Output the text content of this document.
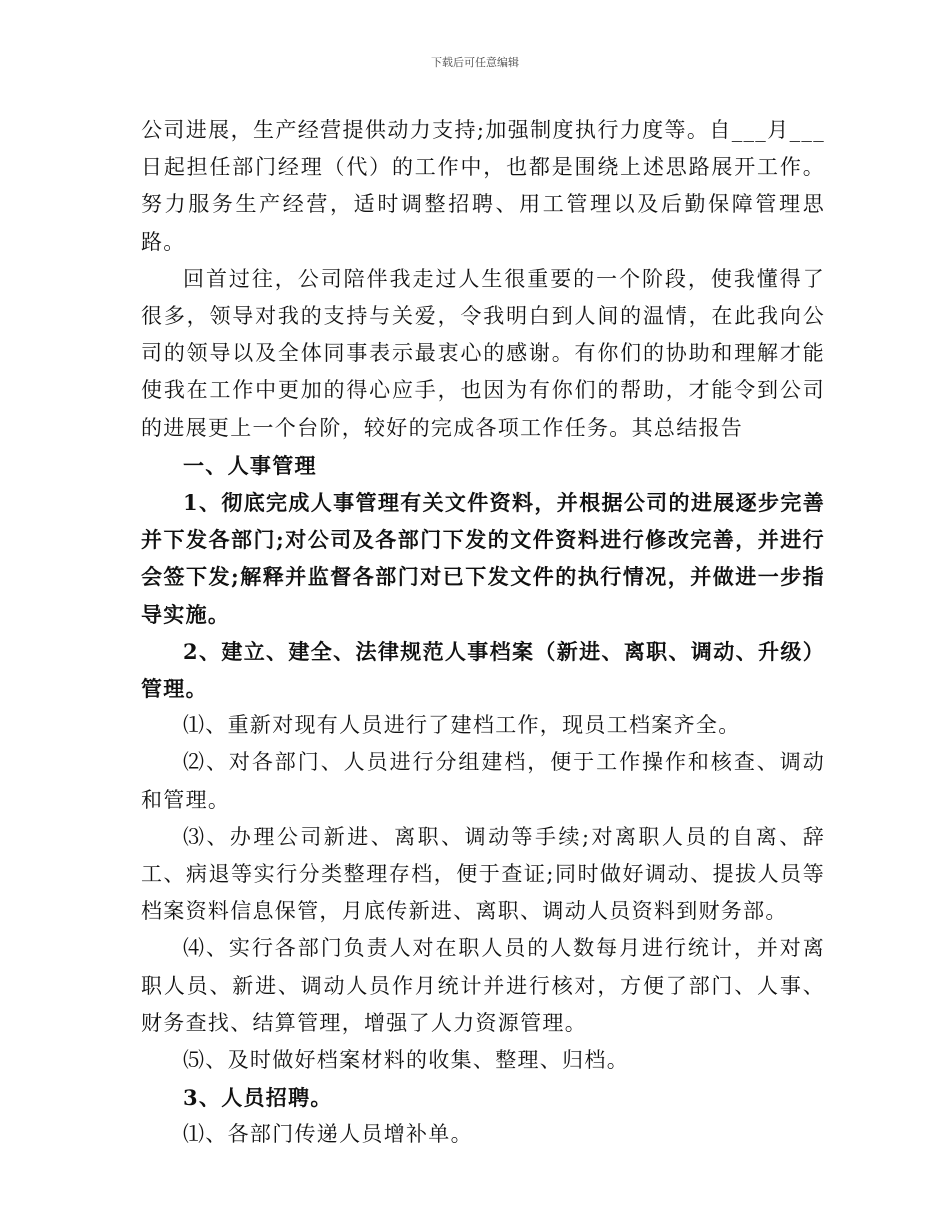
下载后可任意编辑

公司进展，生产经营提供动力支持;加强制度执行力度等。自___月___日起担任部门经理（代）的工作中，也都是围绕上述思路展开工作。努力服务生产经营，适时调整招聘、用工管理以及后勤保障管理思路。

回首过往，公司陪伴我走过人生很重要的一个阶段，使我懂得了很多，领导对我的支持与关爱，令我明白到人间的温情，在此我向公司的领导以及全体同事表示最衷心的感谢。有你们的协助和理解才能使我在工作中更加的得心应手，也因为有你们的帮助，才能令到公司的进展更上一个台阶，较好的完成各项工作任务。其总结报告

一、人事管理

1、彻底完成人事管理有关文件资料，并根据公司的进展逐步完善并下发各部门;对公司及各部门下发的文件资料进行修改完善，并进行会签下发;解释并监督各部门对已下发文件的执行情况，并做进一步指导实施。

2、建立、建全、法律规范人事档案（新进、离职、调动、升级）管理。

⑴、重新对现有人员进行了建档工作，现员工档案齐全。

⑵、对各部门、人员进行分组建档，便于工作操作和核查、调动和管理。

⑶、办理公司新进、离职、调动等手续;对离职人员的自离、辞工、病退等实行分类整理存档，便于查证;同时做好调动、提拔人员等档案资料信息保管，月底传新进、离职、调动人员资料到财务部。

⑷、实行各部门负责人对在职人员的人数每月进行统计，并对离职人员、新进、调动人员作月统计并进行核对，方便了部门、人事、财务查找、结算管理，增强了人力资源管理。

⑸、及时做好档案材料的收集、整理、归档。

3、人员招聘。

⑴、各部门传递人员增补单。
